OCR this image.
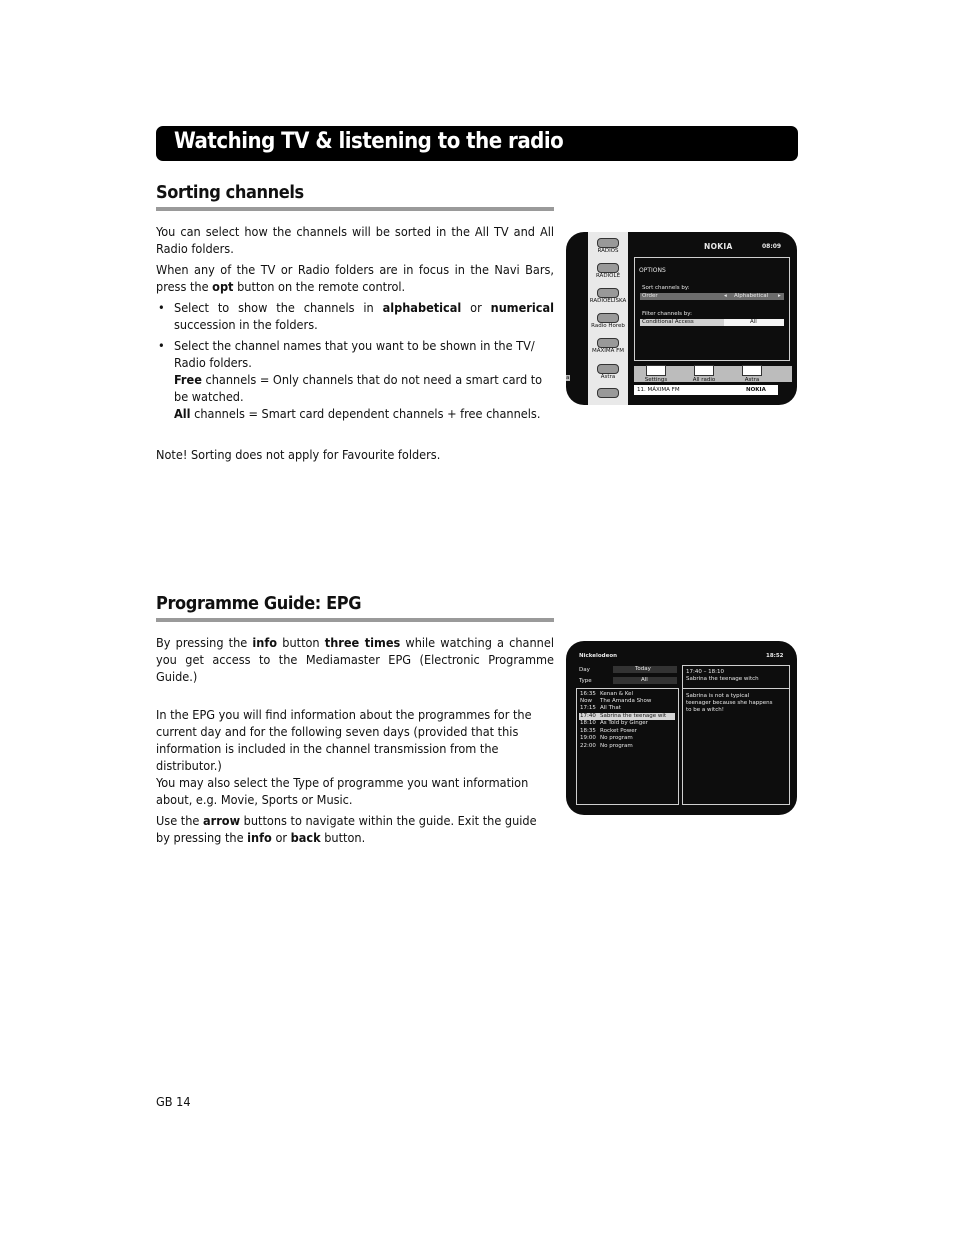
Watching TV & listening to the radio
Sorting channels

You can select how the channels will be sorted in the All TV and All Radio folders.

When any of the TV or Radio folders are in focus in the Navi Bars, press the opt button on the remote control.

• Select to show the channels in alphabetical or numerical succession in the folders.
• Select the channel names that you want to be shown in the TV/ Radio folders.
Free channels = Only channels that do not need a smart card to be watched.
All channels = Smart card dependent channels + free channels.
Note! Sorting does not apply for Favourite folders.
RADIOS
RADIOLÉ
RADIOELISKA
Radio Horeb
MÁXIMA FM
Astra
NOKIA	08:09
OPTIONS
Sort channels by:
Order	◂ Alphabetical ▸
Filter channels by:
Conditional Access	All
a	Settings	All radio	Astra	A
11. MÁXIMA FM	NOKIA
Programme Guide: EPG

By pressing the info button three times while watching a channel you get access to the Mediamaster EPG (Electronic Programme Guide.)

In the EPG you will find information about the programmes for the current day and for the following seven days (provided that this information is included in the channel transmission from the distributor.)

You may also select the Type of programme you want information about, e.g. Movie, Sports or Music.

Use the arrow buttons to navigate within the guide. Exit the guide by pressing the info or back button.

Nickelodeon	18:52
Day	Today
Type	All
17:40 – 18:10
Sabrina the teenage witch
Sabrina is not a typical
teenager because she happens
to be a witch!
16:35 Kenan & Kel
Now The Amanda Show
17:15 All That
17:40 Sabrina the teenage wit
18:10 As Told by Ginger
18:35 Rocket Power
19:00 No program
22:00 No program
GB 14
